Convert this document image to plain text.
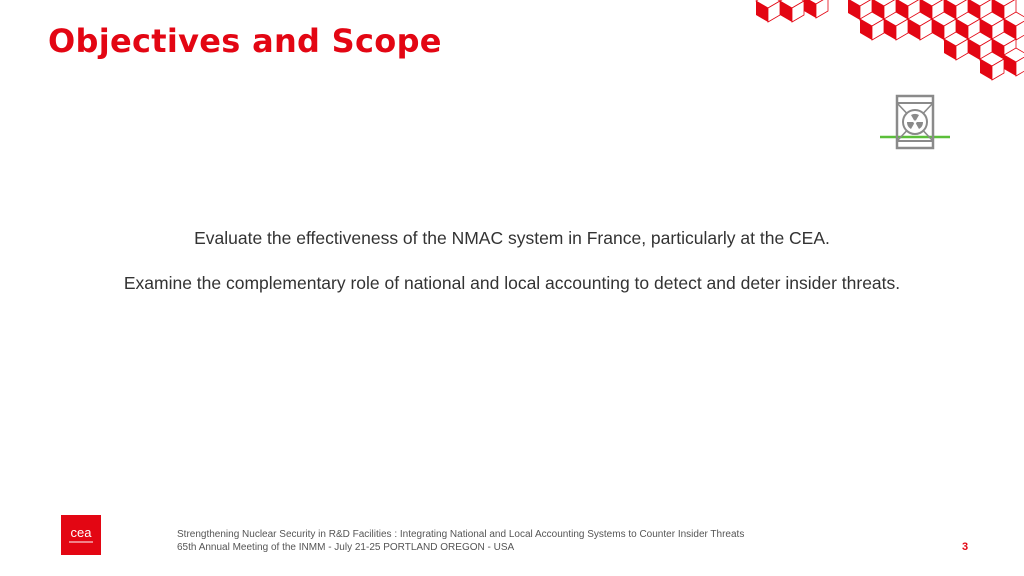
Objectives and Scope

Evaluate the effectiveness of the NMAC system in France, particularly at the CEA.

Examine the complementary role of national and local accounting to detect and deter insider threats.

cea	Strengthening Nuclear Security in R&D Facilities : Integrating National and Local Accounting Systems to Counter Insider Threats
65th Annual Meeting of the INMM - July 21-25 PORTLAND OREGON - USA	3
